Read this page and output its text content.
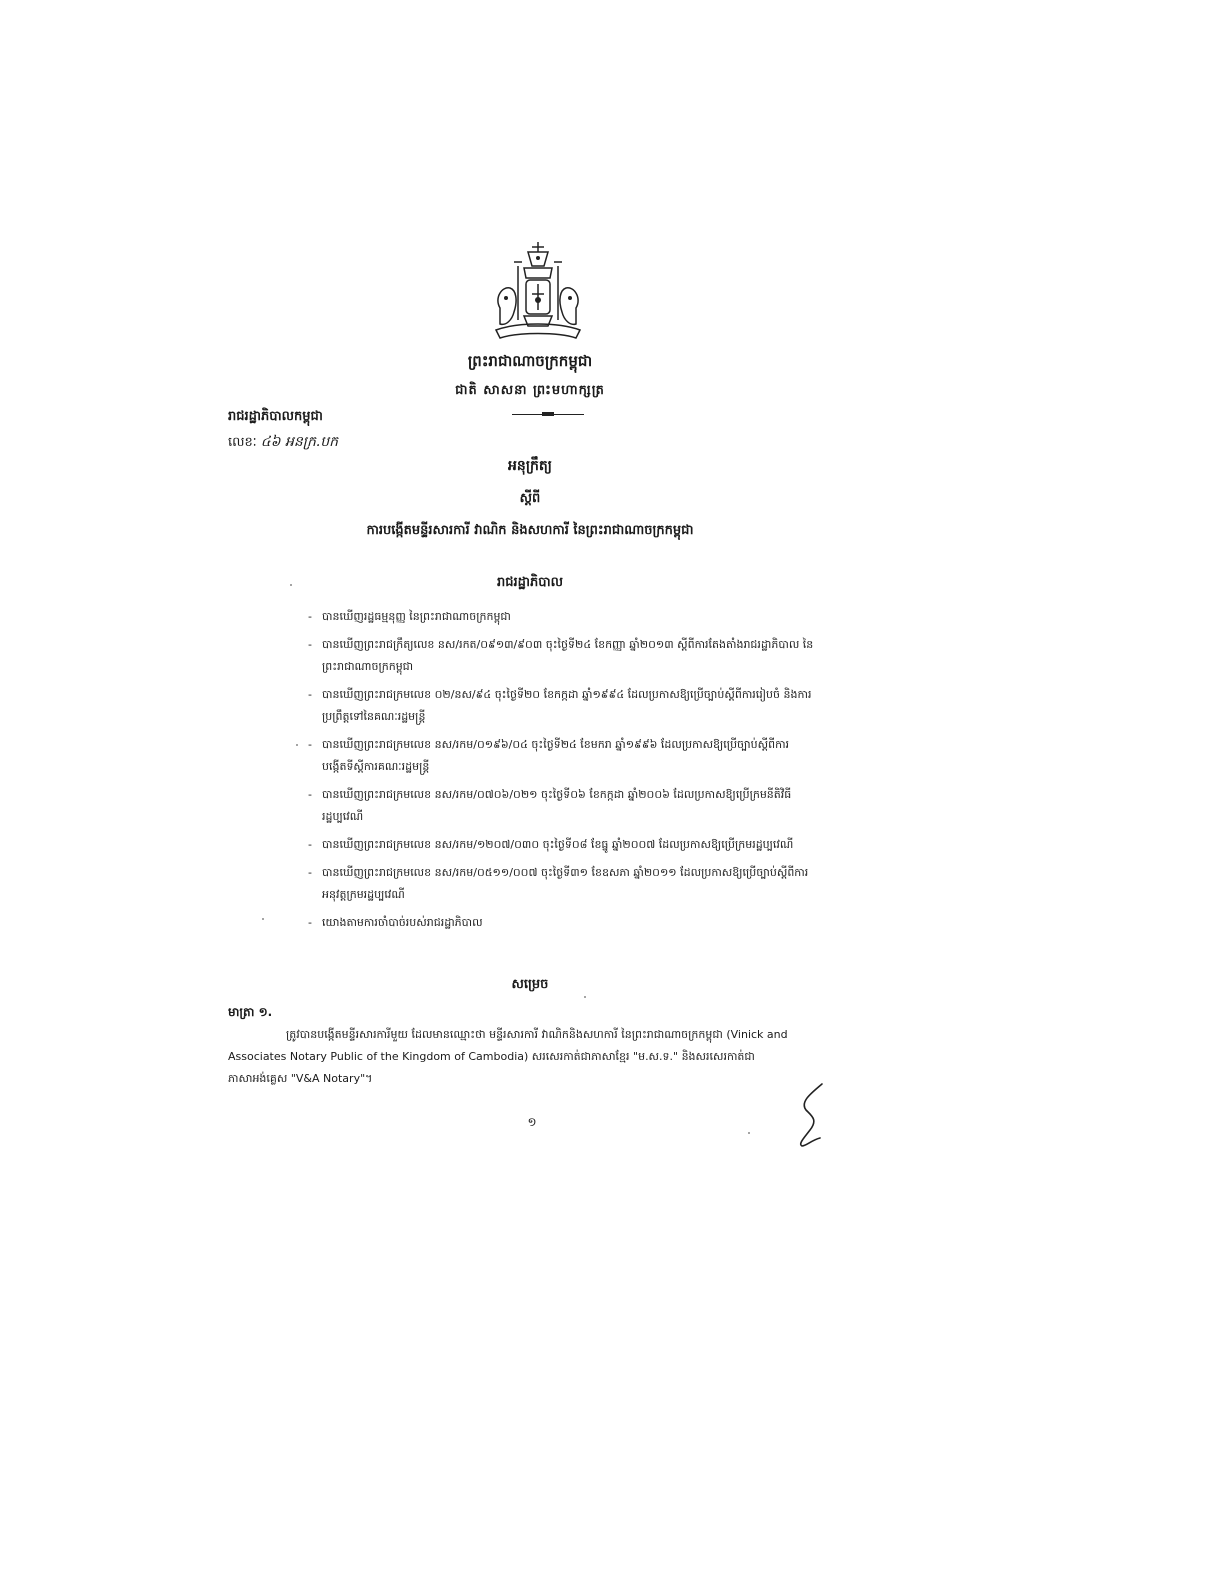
ព្រះរាជាណាចក្រកម្ពុជា
ជាតិ សាសនា ព្រះមហាក្សត្រ
រាជរដ្ឋាភិបាលកម្ពុជា
លេខៈ ៤៦ អនក្រ.បក
អនុក្រឹត្យ
ស្តីពី
ការបង្កើតមន្ទីរសារការី វាណិក និងសហការី នៃព្រះរាជាណាចក្រកម្ពុជា
រាជរដ្ឋាភិបាល
- បានឃើញរដ្ឋធម្មនុញ្ញ នៃព្រះរាជាណាចក្រកម្ពុជា
- បានឃើញព្រះរាជក្រឹត្យលេខ នស/រកត/០៩១៣/៩០៣ ចុះថ្ងៃទី២៤ ខែកញ្ញា ឆ្នាំ២០១៣ ស្តីពីការតែងតាំងរាជរដ្ឋាភិបាល នៃព្រះរាជាណាចក្រកម្ពុជា
- បានឃើញព្រះរាជក្រមលេខ ០២/នស/៩៤ ចុះថ្ងៃទី២០ ខែកក្កដា ឆ្នាំ១៩៩៤ ដែលប្រកាសឱ្យប្រើច្បាប់ស្តីពីការរៀបចំ និងការប្រព្រឹត្តទៅនៃគណៈរដ្ឋមន្ត្រី
- បានឃើញព្រះរាជក្រមលេខ នស/រកម/០១៩៦/០៤ ចុះថ្ងៃទី២៤ ខែមករា ឆ្នាំ១៩៩៦ ដែលប្រកាសឱ្យប្រើច្បាប់ស្តីពីការបង្កើតទីស្តីការគណៈរដ្ឋមន្ត្រី
- បានឃើញព្រះរាជក្រមលេខ នស/រកម/០៧០៦/០២១ ចុះថ្ងៃទី០៦ ខែកក្កដា ឆ្នាំ២០០៦ ដែលប្រកាសឱ្យប្រើក្រមនីតិវិធីរដ្ឋប្បវេណី
- បានឃើញព្រះរាជក្រមលេខ នស/រកម/១២០៧/០៣០ ចុះថ្ងៃទី០៨ ខែធ្នូ ឆ្នាំ២០០៧ ដែលប្រកាសឱ្យប្រើក្រមរដ្ឋប្បវេណី
- បានឃើញព្រះរាជក្រមលេខ នស/រកម/០៥១១/០០៧ ចុះថ្ងៃទី៣១ ខែឧសភា ឆ្នាំ២០១១ ដែលប្រកាសឱ្យប្រើច្បាប់ស្តីពីការអនុវត្តក្រមរដ្ឋប្បវេណី
- យោងតាមការចាំបាច់របស់រាជរដ្ឋាភិបាល
សម្រេច
មាត្រា ១.
ត្រូវបានបង្កើតមន្ទីរសារការីមួយ ដែលមានឈ្មោះថា មន្ទីរសារការី វាណិកនិងសហការី នៃព្រះរាជាណាចក្រកម្ពុជា (Vinick and Associates Notary Public of the Kingdom of Cambodia) សរសេរកាត់ជាភាសាខ្មែរ "ម.ស.ទ." និងសរសេរកាត់ជាភាសាអង់គ្លេស "V&A Notary"។
១
